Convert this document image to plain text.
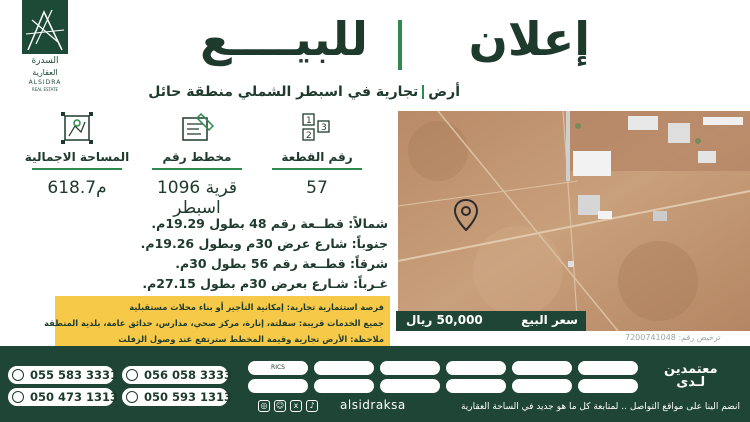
السدرة
العقارية
ALSIDRA
REAL ESTATE
إعلان
للبيــــع
أرضتجارية في اسبطر الشملي منطقة حائل
المساحة الاجمالية
618.7م
مخطط رقم
1096 قرية اسبطر
1
2
3
رقم القطعة
57
شمالاً: قطــعة رقم 48 بطول 19.29م.
جنوباً: شارع عرض 30م وبطول 19.26م.
شرقاً: قطــعة رقم 56 بطول 30م.
غـرباً: شـارع بعرض 30م بطول 27.15م.
فرصة استثمارية تجارية: إمكانية التأجير أو بناء محلات مستقبلية
جميع الخدمات قريبة: سفلتة، إنارة، مركز صحي، مدارس، حدائق عامة، بلدية المنطقة
ملاحظة: الأرض تجارية وقيمة المخطط سترتفع عند وصول الزفلت
سعر البيع  50,000 ريال
ترخيص رقم: 7200741048
055 583 3331	056 058 3333
050 473 1313	050 593 1313
RICS	معتمدين
لـدى
◎	☺	x	♪ alsidraksa	انضم الينا على مواقع التواصل .. لمتابعة كل ما هو جديد في الساحة العقارية
